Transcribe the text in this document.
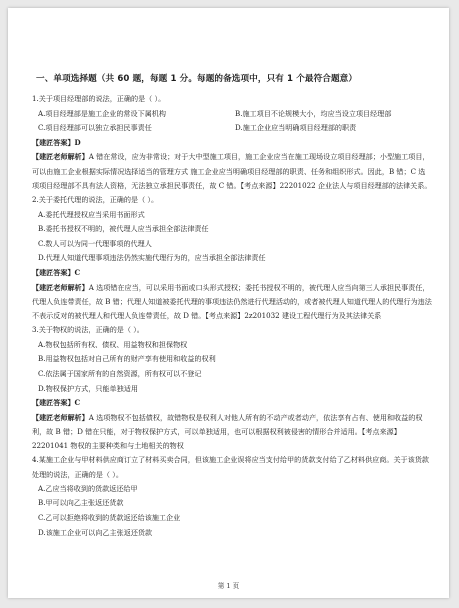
一、单项选择题（共 60 题，每题 1 分。每题的备选项中，只有 1 个最符合题意）
1.关于项目经理部的说法，正确的是（ ）。
A.项目经理部是施工企业的常设下属机构	B.施工项目不论规模大小，均应当设立项目经理部
C.项目经理部可以独立承担民事责任	D.施工企业应当明确项目经理部的职责
【建匠答案】D
【建匠老师解析】A 错在常设，应为非常设；对于大中型施工项目，施工企业应当在施工现场设立项目经理部；小型施工项目，可以由施工企业根据实际情况选择适当的管理方式 施工企业应当明确项目经理部的职责、任务和组织形式。因此，B 错；C 选项项目经理部不具有法人资格，无法独立承担民事责任，故 C 错。【考点来源】22201022 企业法人与项目经理部的法律关系。
2.关于委托代理的说法，正确的是（ ）。
A.委托代理授权应当采用书面形式
B.委托书授权不明的，被代理人应当承担全部法律责任
C.数人可以为同一代理事项的代理人
D.代理人知道代理事项违法仍然实施代理行为的，应当承担全部法律责任
【建匠答案】C
【建匠老师解析】A 选项错在应当，可以采用书面或口头形式授权；委托书授权不明的，被代理人应当向第三人承担民事责任，代理人负连带责任，故 B 错；代理人知道被委托代理的事项违法仍然进行代理活动的，或者被代理人知道代理人的代理行为违法不表示反对的被代理人和代理人负连带责任，故 D 错。【考点来源】2z201032 建设工程代理行为及其法律关系
3.关于物权的说法，正确的是（ ）。
A.物权包括所有权、债权、用益物权和担保物权
B.用益物权包括对自己所有的财产享有使用和收益的权利
C.依法属于国家所有的自然资源，所有权可以不登记
D.物权保护方式，只能单独适用
【建匠答案】C
【建匠老师解析】A 选项物权不包括债权，故错物权是权利人对他人所有的不动产或者动产，依法享有占有、使用和收益的权利，故 B 错；D 错在只能，对于物权保护方式，可以单独适用，也可以根据权利被侵害的情形合并适用。【考点来源】22201041 物权的主要种类和与土地相关的物权
4.某施工企业与甲材料供应商订立了材料买卖合同，但该施工企业误将应当支付给甲的货款支付给了乙材料供应商。关于该货款处理的说法，正确的是（ ）。
A.乙应当将收到的货款返还给甲
B.甲可以向乙主张返还货款
C.乙可以拒绝将收到的货款返还给该施工企业
D.该施工企业可以向乙主张返还货款
第 1 页
